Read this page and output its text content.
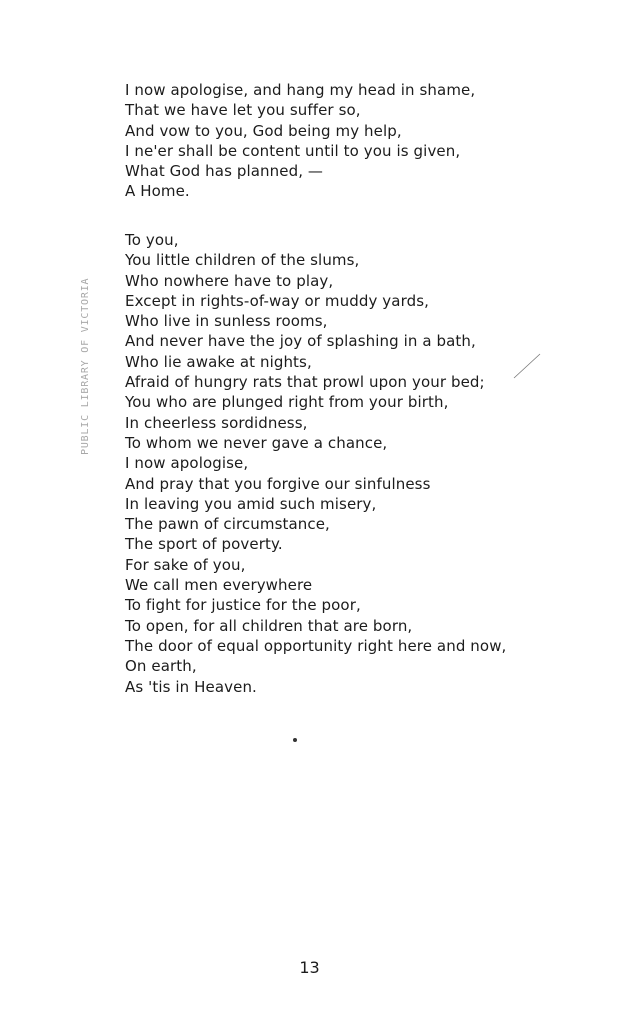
I now apologise, and hang my head in shame,
That we have let you suffer so,
And vow to you, God being my help,
I ne'er shall be content until to you is given,
What God has planned, —
A Home.
To you,
You little children of the slums,
Who nowhere have to play,
Except in rights-of-way or muddy yards,
Who live in sunless rooms,
And never have the joy of splashing in a bath,
Who lie awake at nights,
Afraid of hungry rats that prowl upon your bed;
You who are plunged right from your birth,
In cheerless sordidness,
To whom we never gave a chance,
I now apologise,
And pray that you forgive our sinfulness
In leaving you amid such misery,
The pawn of circumstance,
The sport of poverty.
For sake of you,
We call men everywhere
To fight for justice for the poor,
To open, for all children that are born,
The door of equal opportunity right here and now,
On earth,
As 'tis in Heaven.
PUBLIC LIBRARY OF VICTORIA
13
